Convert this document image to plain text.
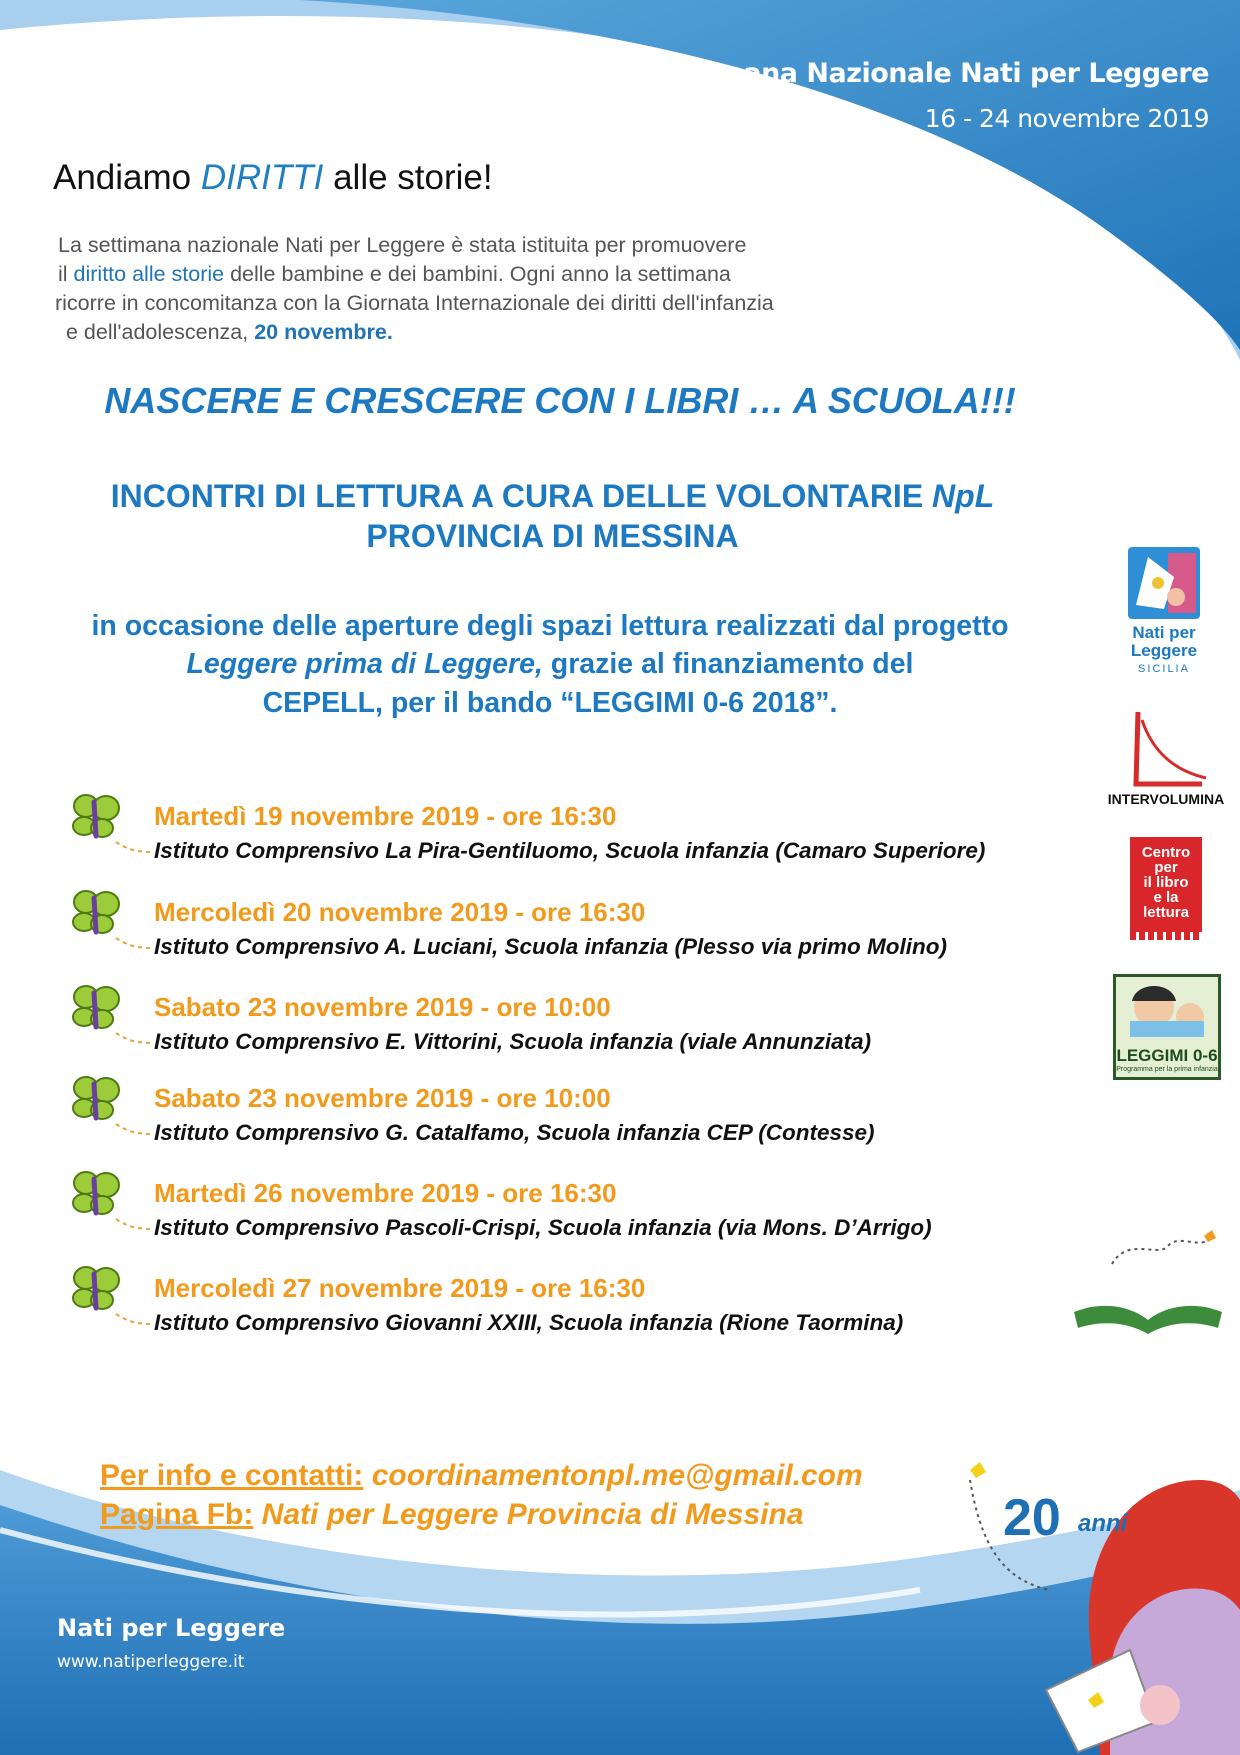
Settimana Nazionale Nati per Leggere
16 - 24 novembre 2019
Andiamo DIRITTI alle storie!
La settimana nazionale Nati per Leggere è stata istituita per promuovere
il diritto alle storie delle bambine e dei bambini. Ogni anno la settimana
ricorre in concomitanza con la Giornata Internazionale dei diritti dell'infanzia
e dell'adolescenza, 20 novembre.
NASCERE E CRESCERE CON I LIBRI … A SCUOLA!!!
INCONTRI DI LETTURA A CURA DELLE VOLONTARIE NpL
PROVINCIA DI MESSINA
in occasione delle aperture degli spazi lettura realizzati dal progetto
Leggere prima di Leggere, grazie al finanziamento del
CEPELL, per il bando “LEGGIMI 0-6 2018”.
Martedì 19 novembre 2019 - ore 16:30
Istituto Comprensivo La Pira-Gentiluomo, Scuola infanzia (Camaro Superiore)
Mercoledì 20 novembre 2019 - ore 16:30
Istituto Comprensivo A. Luciani, Scuola infanzia (Plesso via primo Molino)
Sabato 23 novembre 2019 - ore 10:00
Istituto Comprensivo E. Vittorini, Scuola infanzia (viale Annunziata)
Sabato 23 novembre 2019 - ore 10:00
Istituto Comprensivo G. Catalfamo, Scuola infanzia CEP (Contesse)
Martedì 26 novembre 2019 - ore 16:30
Istituto Comprensivo Pascoli-Crispi, Scuola infanzia (via Mons. D’Arrigo)
Mercoledì 27 novembre 2019 - ore 16:30
Istituto Comprensivo Giovanni XXIII, Scuola infanzia (Rione Taormina)
Nati per
Leggere
SICILIA
INTERVOLUMINA
Centro
per
il libro
e la
lettura
LEGGIMI 0-6
Programma per la prima infanzia
Per info e contatti: coordinamentonpl.me@gmail.com
Pagina Fb: Nati per Leggere Provincia di Messina	20 anni
Nati per Leggere
www.natiperleggere.it
